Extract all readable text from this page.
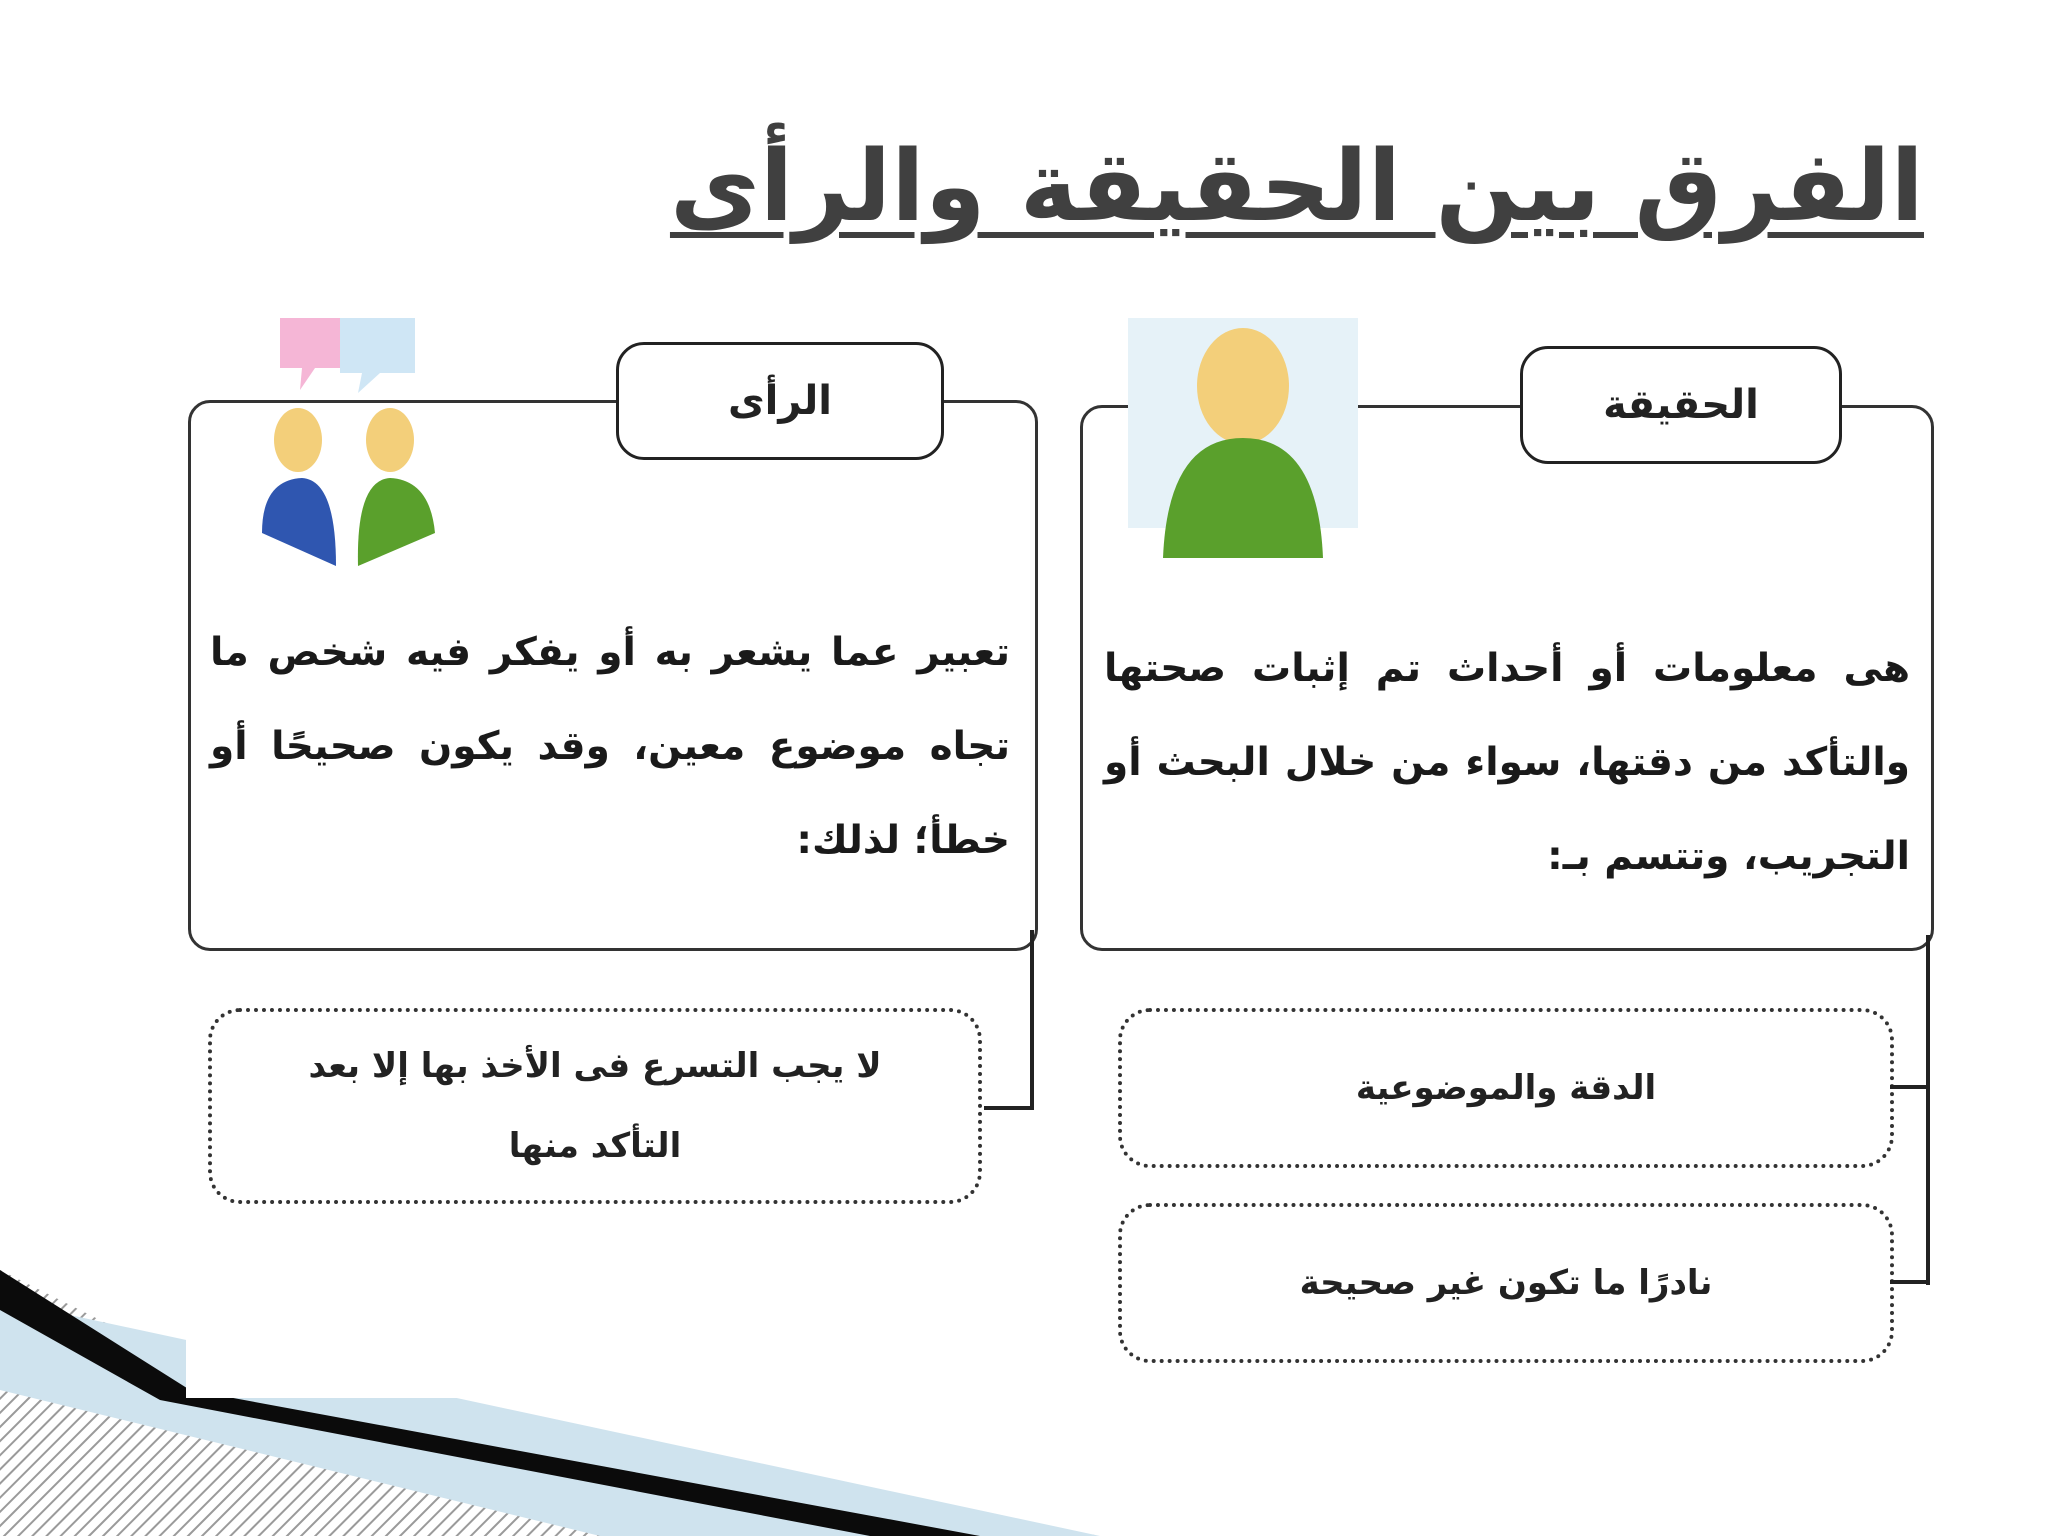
الفرق بين الحقيقة والرأى
الحقيقة
هى معلومات أو أحداث تم إثبات صحتها والتأكد من دقتها، سواء من خلال البحث أو التجريب، وتتسم بـ:
الدقة والموضوعية
نادرًا ما تكون غير صحيحة
الرأى
تعبير عما يشعر به أو يفكر فيه شخص ما تجاه موضوع معين، وقد يكون صحيحًا أو خطأ؛ لذلك:
لا يجب التسرع فى الأخذ بها إلا بعد التأكد منها
